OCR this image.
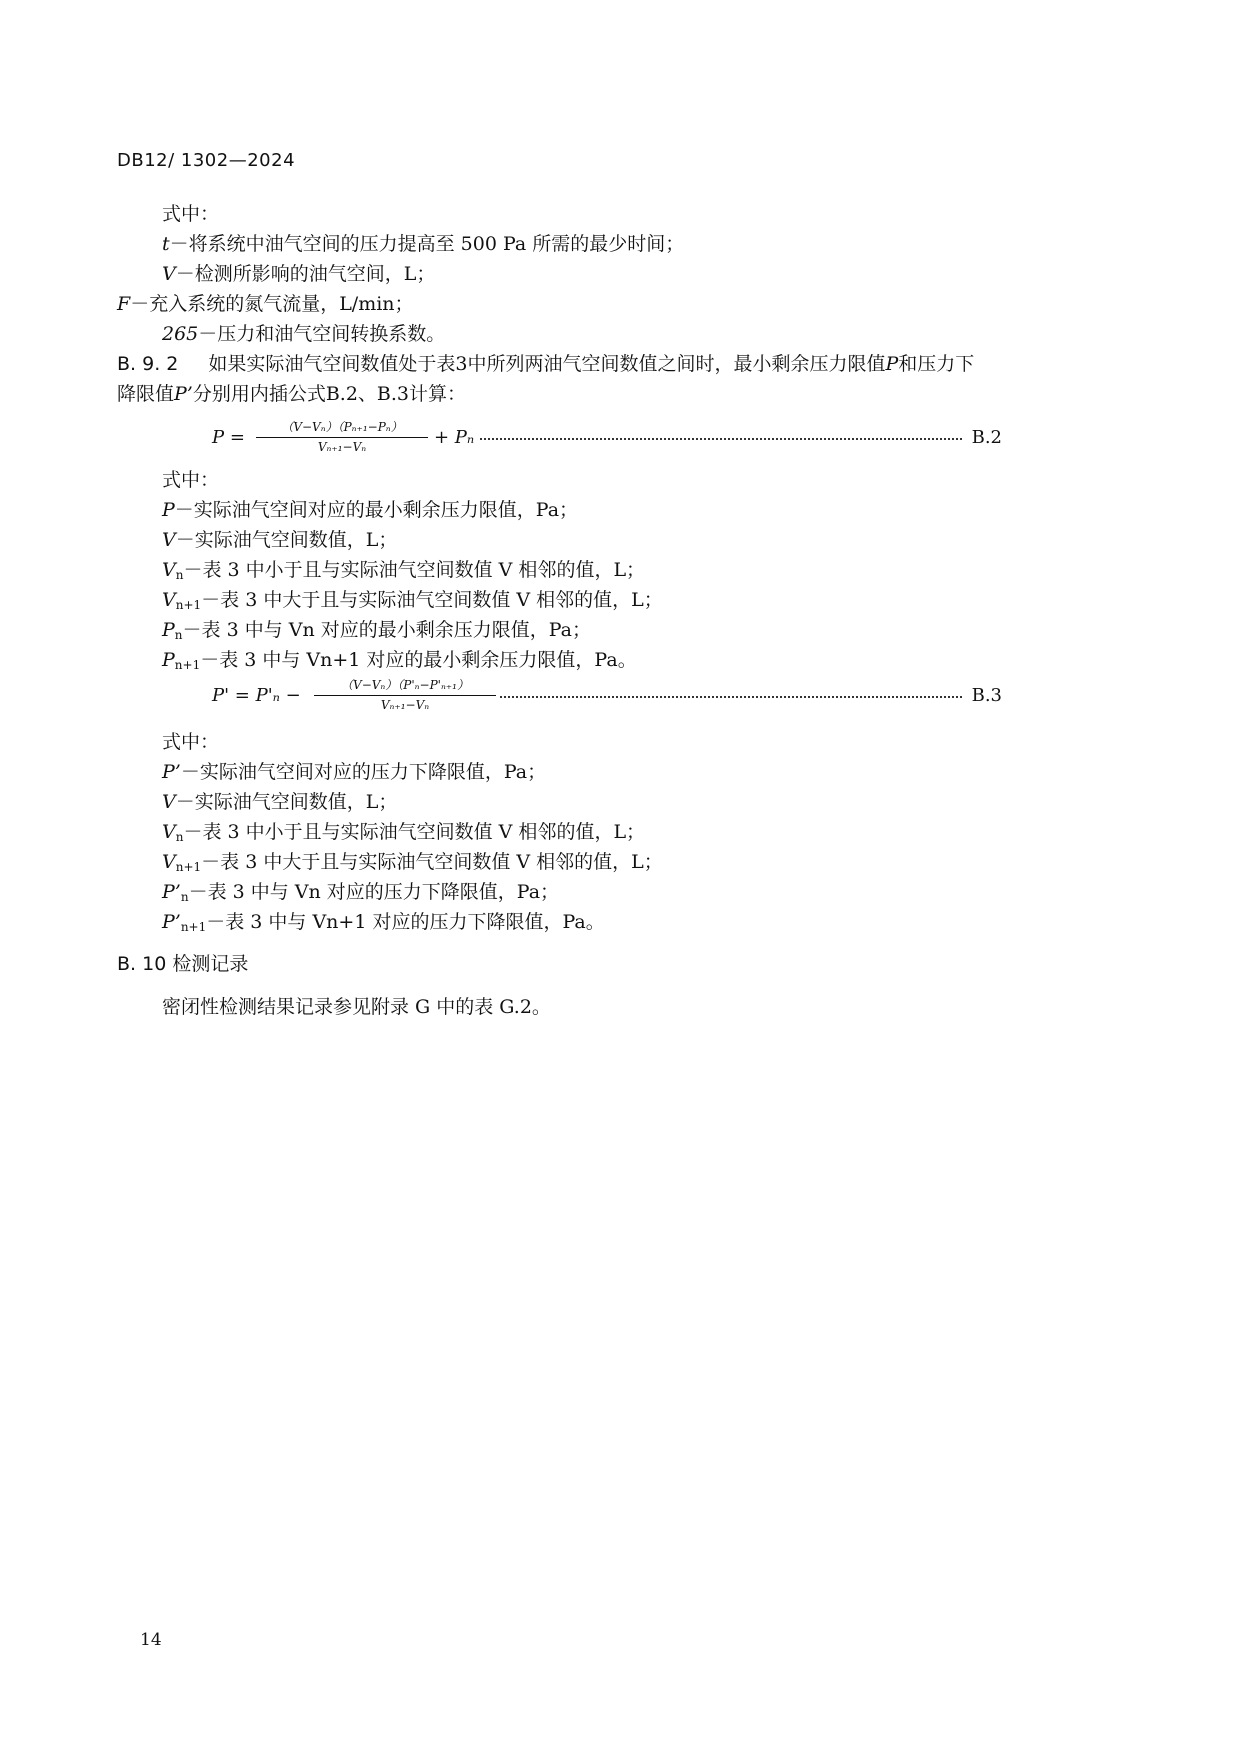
DB12/ 1302—2024
式中：
t－将系统中油气空间的压力提高至 500 Pa 所需的最少时间；
V－检测所影响的油气空间，L；
F－充入系统的氮气流量，L/min；
265－压力和油气空间转换系数。
B. 9. 2 如果实际油气空间数值处于表3中所列两油气空间数值之间时，最小剩余压力限值P和压力下
降限值P’分别用内插公式B.2、B.3计算：
P =	（V−Vₙ）（Pₙ₊₁−Pₙ）
Vₙ₊₁−Vₙ	+ Pₙ	B.2
式中：
P－实际油气空间对应的最小剩余压力限值，Pa；
V－实际油气空间数值，L；
$V_n-$表 3 中小于且与实际油气空间数值 V 相邻的值，L；
$V_{n+1}-$表 3 中大于且与实际油气空间数值 V 相邻的值，L；
$P_n-$表 3 中与 Vn 对应的最小剩余压力限值，Pa；
$P_{n+1}-$表 3 中与 Vn+1 对应的最小剩余压力限值，Pa。
P' = P'ₙ −	（V−Vₙ）（P'ₙ−P'ₙ₊₁）
Vₙ₊₁−Vₙ	B.3
式中：
P’－实际油气空间对应的压力下降限值，Pa；
V－实际油气空间数值，L；
$V_n-$表 3 中小于且与实际油气空间数值 V 相邻的值，L；
$V_{n+1}-$表 3 中大于且与实际油气空间数值 V 相邻的值，L；
$P’_n-$表 3 中与 Vn 对应的压力下降限值，Pa；
$P’_{n+1}-$表 3 中与 Vn+1 对应的压力下降限值，Pa。
B. 10 检测记录
密闭性检测结果记录参见附录 G 中的表 G.2。
14
